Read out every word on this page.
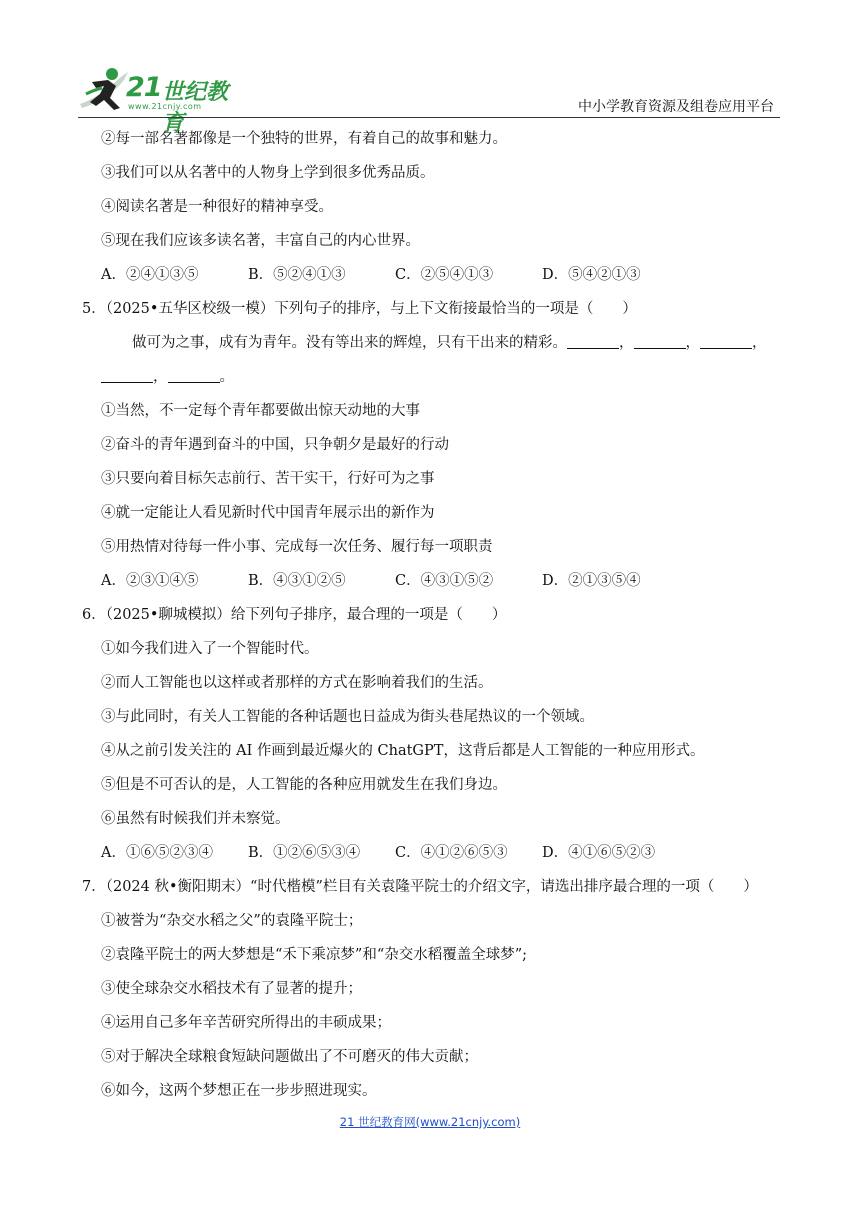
21 世纪教育
www.21cnjy.com	中小学教育资源及组卷应用平台
②每一部名著都像是一个独特的世界，有着自己的故事和魅力。
③我们可以从名著中的人物身上学到很多优秀品质。
④阅读名著是一种很好的精神享受。
⑤现在我们应该多读名著，丰富自己的内心世界。
A．②④①③⑤	B．⑤②④①③	C．②⑤④①③	D．⑤④②①③
5．（2025•五华区校级一模）下列句子的排序，与上下文衔接最恰当的一项是（　　）
做可为之事，成有为青年。没有等出来的辉煌，只有干出来的精彩。	，	，	，
，	。
①当然，不一定每个青年都要做出惊天动地的大事
②奋斗的青年遇到奋斗的中国，只争朝夕是最好的行动
③只要向着目标矢志前行、苦干实干，行好可为之事
④就一定能让人看见新时代中国青年展示出的新作为
⑤用热情对待每一件小事、完成每一次任务、履行每一项职责
A．②③①④⑤	B．④③①②⑤	C．④③①⑤②	D．②①③⑤④
6．（2025•聊城模拟）给下列句子排序，最合理的一项是（　　）
①如今我们进入了一个智能时代。
②而人工智能也以这样或者那样的方式在影响着我们的生活。
③与此同时，有关人工智能的各种话题也日益成为街头巷尾热议的一个领域。
④从之前引发关注的 AI 作画到最近爆火的 ChatGPT，这背后都是人工智能的一种应用形式。
⑤但是不可否认的是，人工智能的各种应用就发生在我们身边。
⑥虽然有时候我们并未察觉。
A．①⑥⑤②③④	B．①②⑥⑤③④	C．④①②⑥⑤③	D．④①⑥⑤②③
7．（2024 秋•衡阳期末）“时代楷模”栏目有关袁隆平院士的介绍文字，请选出排序最合理的一项（　　）
①被誉为“杂交水稻之父”的袁隆平院士；
②袁隆平院士的两大梦想是“禾下乘凉梦”和“杂交水稻覆盖全球梦”;
③使全球杂交水稻技术有了显著的提升；
④运用自己多年辛苦研究所得出的丰硕成果；
⑤对于解决全球粮食短缺问题做出了不可磨灭的伟大贡献；
⑥如今，这两个梦想正在一步步照进现实。
21 世纪教育网(www.21cnjy.com)
